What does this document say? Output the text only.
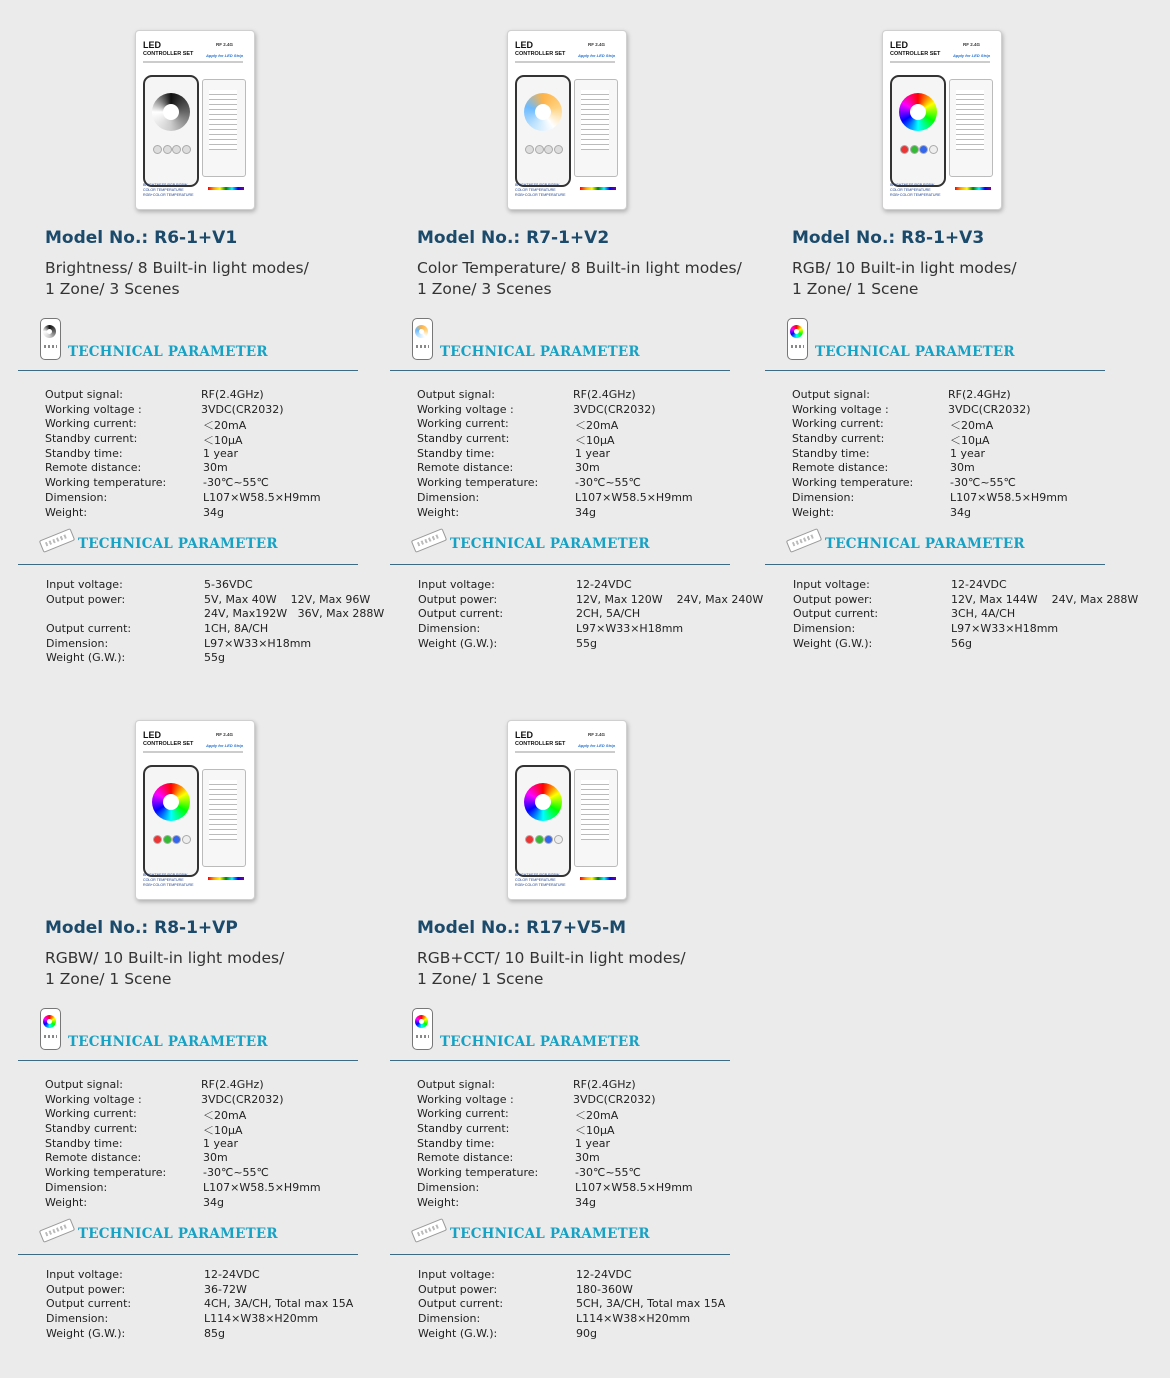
LED
CONTROLLER SET
RF 2.4G
Apply for LED Strip
BRIGHTNESS RGB RGBW
COLOR TEMPERATURE
RGB+COLOR TEMPERATURE
Model No.: R6-1+V1
Brightness/ 8 Built-in light modes/
1 Zone/ 3 Scenes
TECHNICAL PARAMETER
Output signal:	RF(2.4GHz)
Working voltage :	3VDC(CR2032)
Working current:	＜20mA
Standby current:	＜10μA
Standby time:	1 year
Remote distance:	30m
Working temperature:	-30℃~55℃
Dimension:	L107×W58.5×H9mm
Weight:	34g
TECHNICAL PARAMETER
Input voltage:	5-36VDC
Output power:	5V, Max 40W    12V, Max 96W
24V, Max192W   36V, Max 288W
Output current:	1CH, 8A/CH
Dimension:	L97×W33×H18mm
Weight (G.W.):	55g
LED
CONTROLLER SET
RF 2.4G
Apply for LED Strip
BRIGHTNESS RGB RGBW
COLOR TEMPERATURE
RGB+COLOR TEMPERATURE
Model No.: R7-1+V2
Color Temperature/ 8 Built-in light modes/
1 Zone/ 3 Scenes
TECHNICAL PARAMETER
Output signal:	RF(2.4GHz)
Working voltage :	3VDC(CR2032)
Working current:	＜20mA
Standby current:	＜10μA
Standby time:	1 year
Remote distance:	30m
Working temperature:	-30℃~55℃
Dimension:	L107×W58.5×H9mm
Weight:	34g
TECHNICAL PARAMETER
Input voltage:	12-24VDC
Output power:	12V, Max 120W    24V, Max 240W
Output current:	2CH, 5A/CH
Dimension:	L97×W33×H18mm
Weight (G.W.):	55g
LED
CONTROLLER SET
RF 2.4G
Apply for LED Strip
BRIGHTNESS RGB RGBW
COLOR TEMPERATURE
RGB+COLOR TEMPERATURE
Model No.: R8-1+V3
RGB/ 10 Built-in light modes/
1 Zone/ 1 Scene
TECHNICAL PARAMETER
Output signal:	RF(2.4GHz)
Working voltage :	3VDC(CR2032)
Working current:	＜20mA
Standby current:	＜10μA
Standby time:	1 year
Remote distance:	30m
Working temperature:	-30℃~55℃
Dimension:	L107×W58.5×H9mm
Weight:	34g
TECHNICAL PARAMETER
Input voltage:	12-24VDC
Output power:	12V, Max 144W    24V, Max 288W
Output current:	3CH, 4A/CH
Dimension:	L97×W33×H18mm
Weight (G.W.):	56g
LED
CONTROLLER SET
RF 2.4G
Apply for LED Strip
BRIGHTNESS RGB RGBW
COLOR TEMPERATURE
RGB+COLOR TEMPERATURE
Model No.: R8-1+VP
RGBW/ 10 Built-in light modes/
1 Zone/ 1 Scene
TECHNICAL PARAMETER
Output signal:	RF(2.4GHz)
Working voltage :	3VDC(CR2032)
Working current:	＜20mA
Standby current:	＜10μA
Standby time:	1 year
Remote distance:	30m
Working temperature:	-30℃~55℃
Dimension:	L107×W58.5×H9mm
Weight:	34g
TECHNICAL PARAMETER
Input voltage:	12-24VDC
Output power:	36-72W
Output current:	4CH, 3A/CH, Total max 15A
Dimension:	L114×W38×H20mm
Weight (G.W.):	85g
LED
CONTROLLER SET
RF 2.4G
Apply for LED Strip
BRIGHTNESS RGB RGBW
COLOR TEMPERATURE
RGB+COLOR TEMPERATURE
Model No.: R17+V5-M
RGB+CCT/ 10 Built-in light modes/
1 Zone/ 1 Scene
TECHNICAL PARAMETER
Output signal:	RF(2.4GHz)
Working voltage :	3VDC(CR2032)
Working current:	＜20mA
Standby current:	＜10μA
Standby time:	1 year
Remote distance:	30m
Working temperature:	-30℃~55℃
Dimension:	L107×W58.5×H9mm
Weight:	34g
TECHNICAL PARAMETER
Input voltage:	12-24VDC
Output power:	180-360W
Output current:	5CH, 3A/CH, Total max 15A
Dimension:	L114×W38×H20mm
Weight (G.W.):	90g
